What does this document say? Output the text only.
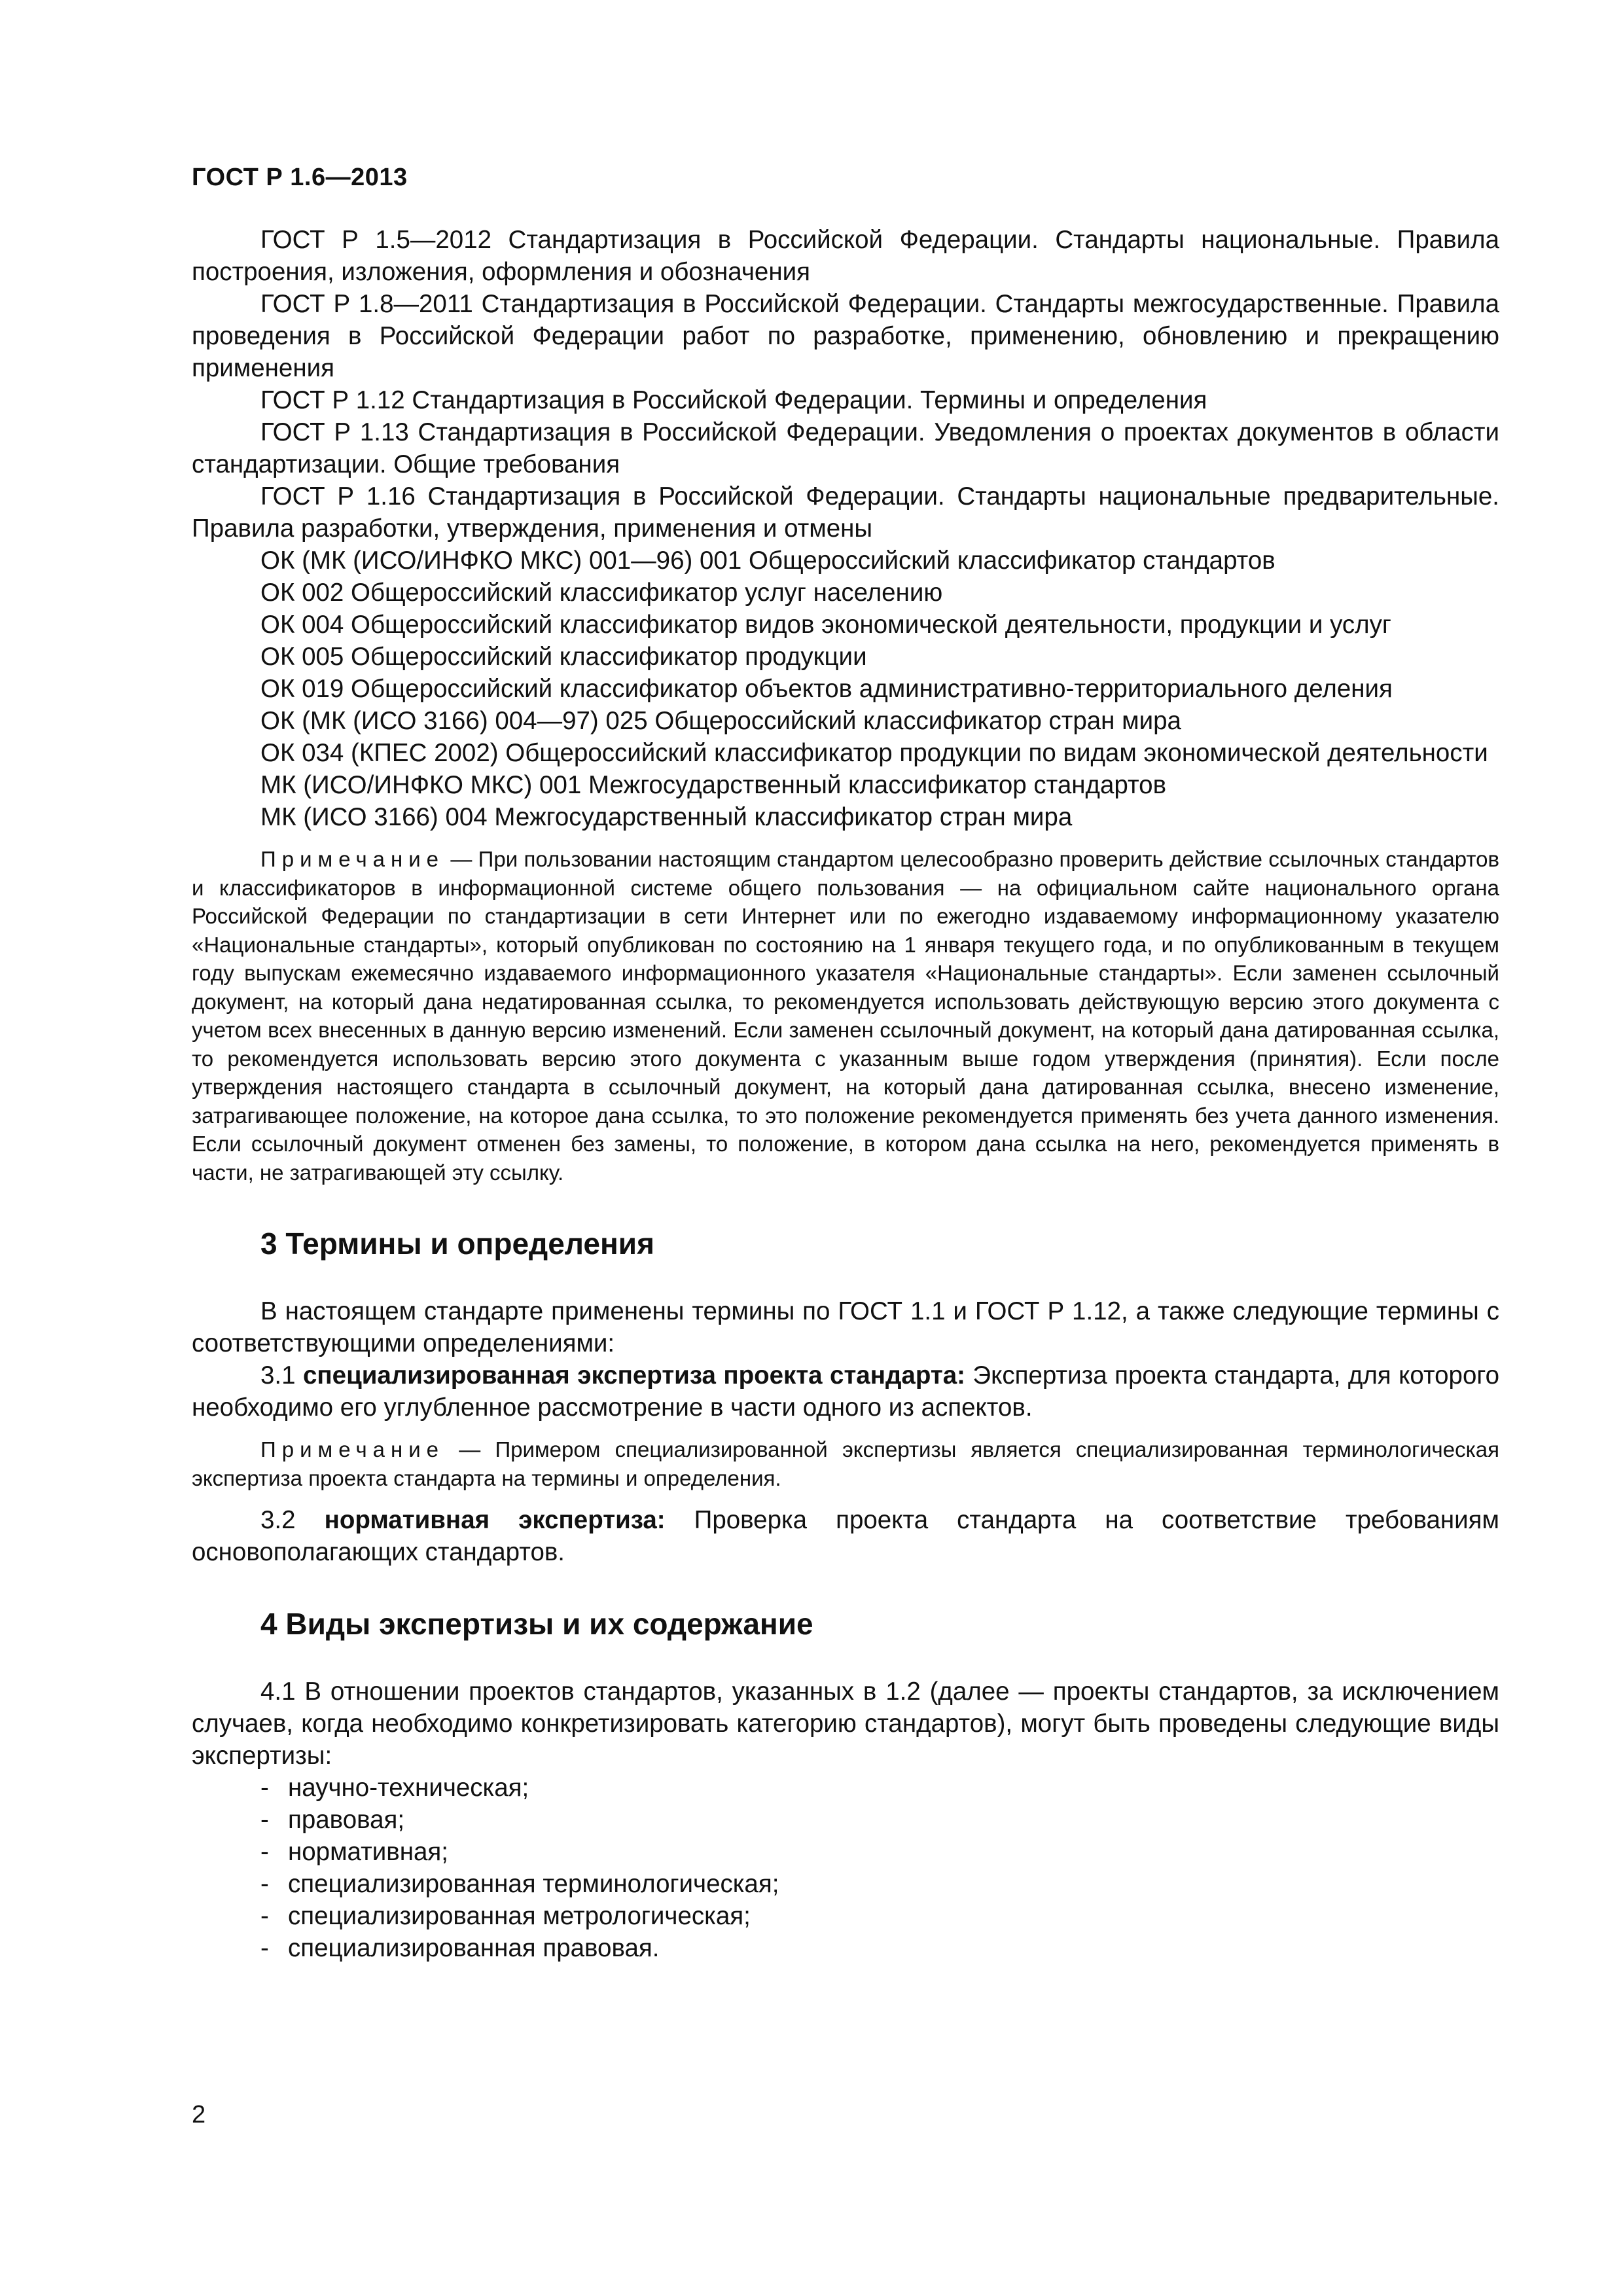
ГОСТ Р 1.6—2013

ГОСТ Р 1.5—2012 Стандартизация в Российской Федерации. Стандарты национальные. Правила построения, изложения, оформления и обозначения

ГОСТ Р 1.8—2011 Стандартизация в Российской Федерации. Стандарты межгосударственные. Правила проведения в Российской Федерации работ по разработке, применению, обновлению и прекращению применения

ГОСТ Р 1.12 Стандартизация в Российской Федерации. Термины и определения

ГОСТ Р 1.13 Стандартизация в Российской Федерации. Уведомления о проектах документов в области стандартизации. Общие требования

ГОСТ Р 1.16 Стандартизация в Российской Федерации. Стандарты национальные предварительные. Правила разработки, утверждения, применения и отмены

ОК (МК (ИСО/ИНФКО МКС) 001—96) 001 Общероссийский классификатор стандартов

ОК 002 Общероссийский классификатор услуг населению

ОК 004 Общероссийский классификатор видов экономической деятельности, продукции и услуг

ОК 005 Общероссийский классификатор продукции

ОК 019 Общероссийский классификатор объектов административно-территориального деления

ОК (МК (ИСО 3166) 004—97) 025 Общероссийский классификатор стран мира

ОК 034 (КПЕС 2002) Общероссийский классификатор продукции по видам экономической деятельности

МК (ИСО/ИНФКО МКС) 001 Межгосударственный классификатор стандартов

МК (ИСО 3166) 004 Межгосударственный классификатор стран мира

Примечание — При пользовании настоящим стандартом целесообразно проверить действие ссылочных стандартов и классификаторов в информационной системе общего пользования — на официальном сайте национального органа Российской Федерации по стандартизации в сети Интернет или по ежегодно издаваемому информационному указателю «Национальные стандарты», который опубликован по состоянию на 1 января текущего года, и по опубликованным в текущем году выпускам ежемесячно издаваемого информационного указателя «Национальные стандарты». Если заменен ссылочный документ, на который дана недатированная ссылка, то рекомендуется использовать действующую версию этого документа с учетом всех внесенных в данную версию изменений. Если заменен ссылочный документ, на который дана датированная ссылка, то рекомендуется использовать версию этого документа с указанным выше годом утверждения (принятия). Если после утверждения настоящего стандарта в ссылочный документ, на который дана датированная ссылка, внесено изменение, затрагивающее положение, на которое дана ссылка, то это положение рекомендуется применять без учета данного изменения. Если ссылочный документ отменен без замены, то положение, в котором дана ссылка на него, рекомендуется применять в части, не затрагивающей эту ссылку.

3 Термины и определения

В настоящем стандарте применены термины по ГОСТ 1.1 и ГОСТ Р 1.12, а также следующие термины с соответствующими определениями:

3.1 специализированная экспертиза проекта стандарта: Экспертиза проекта стандарта, для которого необходимо его углубленное рассмотрение в части одного из аспектов.

Примечание — Примером специализированной экспертизы является специализированная терминологическая экспертиза проекта стандарта на термины и определения.

3.2 нормативная экспертиза: Проверка проекта стандарта на соответствие требованиям основополагающих стандартов.

4 Виды экспертизы и их содержание

4.1 В отношении проектов стандартов, указанных в 1.2 (далее — проекты стандартов, за исключением случаев, когда необходимо конкретизировать категорию стандартов), могут быть проведены следующие виды экспертизы:

- научно-техническая;

- правовая;

- нормативная;

- специализированная терминологическая;

- специализированная метрологическая;

- специализированная правовая.

2
